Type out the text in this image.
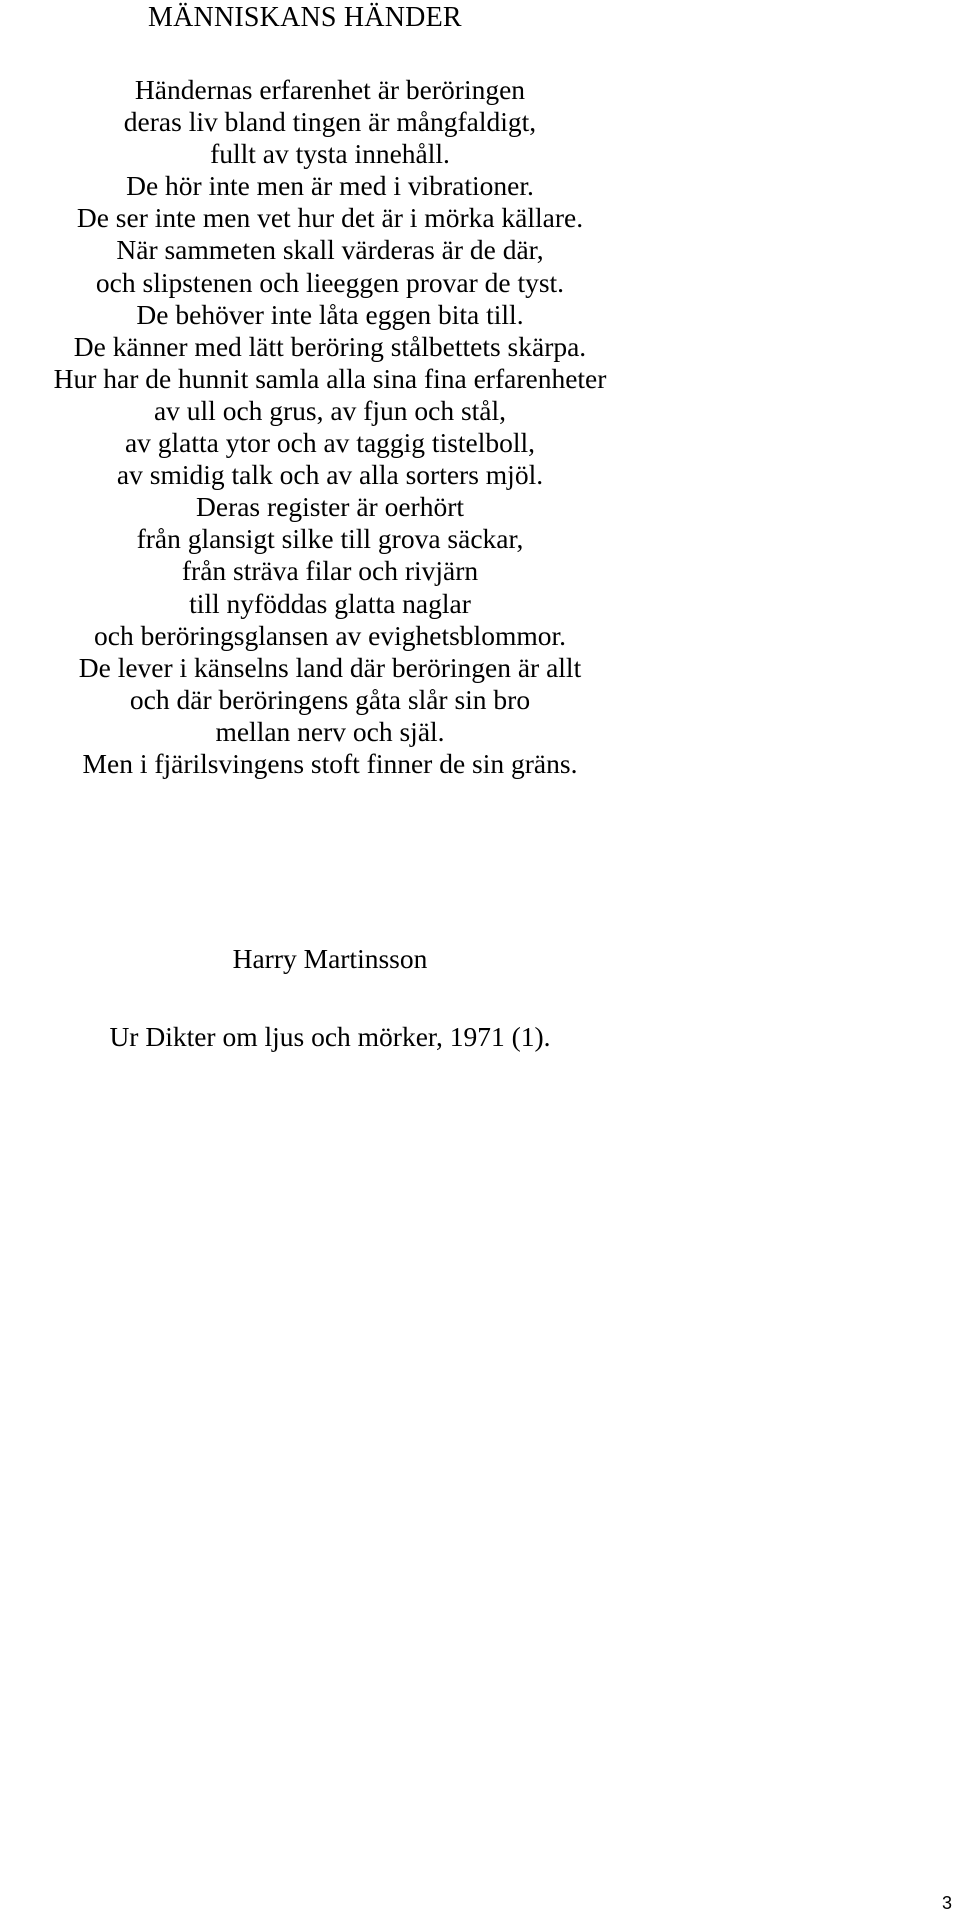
MÄNNISKANS HÄNDER
Händernas erfarenhet är beröringen
deras liv bland tingen är mångfaldigt,
fullt av tysta innehåll.
De hör inte men är med i vibrationer.
De ser inte men vet hur det är i mörka källare.
När sammeten skall värderas är de där,
och slipstenen och lieeggen provar de tyst.
De behöver inte låta eggen bita till.
De känner med lätt beröring stålbettets skärpa.
Hur har de hunnit samla alla sina fina erfarenheter
av ull och grus, av fjun och stål,
av glatta ytor och av taggig tistelboll,
av smidig talk och av alla sorters mjöl.
Deras register är oerhört
från glansigt silke till grova säckar,
från sträva filar och rivjärn
till nyföddas glatta naglar
och beröringsglansen av evighetsblommor.
De lever i känselns land där beröringen är allt
och där beröringens gåta slår sin bro
mellan nerv och själ.
Men i fjärilsvingens stoft finner de sin gräns.
Harry Martinsson
Ur Dikter om ljus och mörker, 1971 (1).
3
